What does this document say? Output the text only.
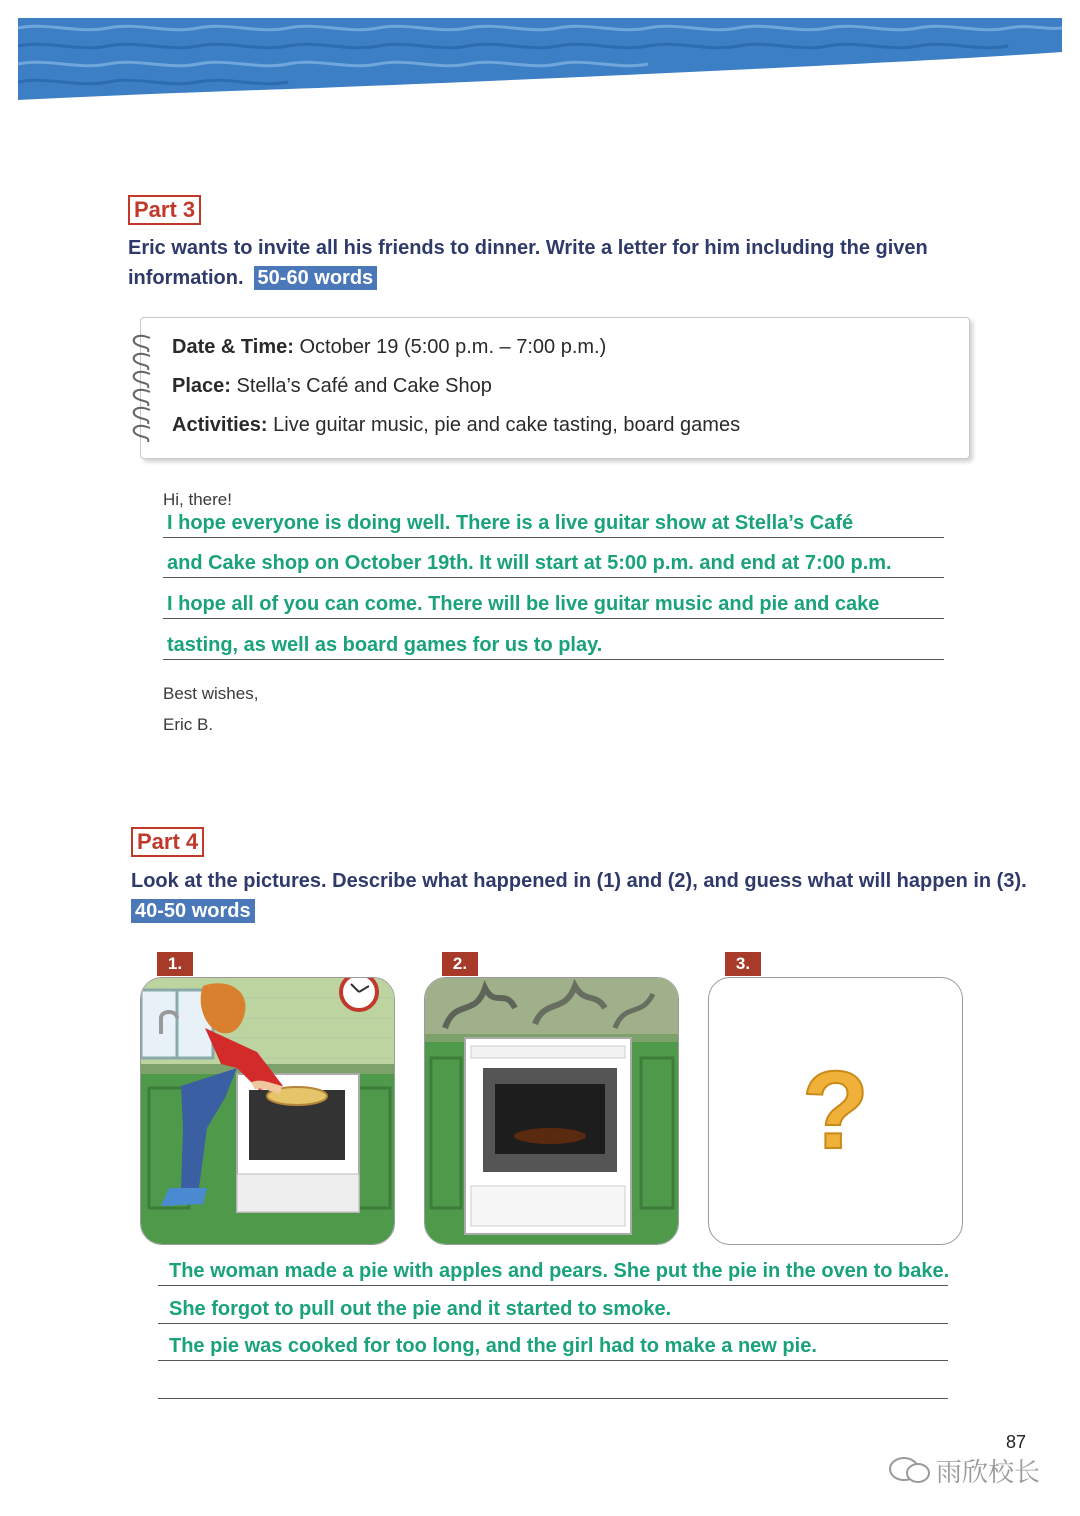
Part 3
Eric wants to invite all his friends to dinner. Write a letter for him including the given
information. 50-60 words
Date & Time: October 19 (5:00 p.m. – 7:00 p.m.)
Place: Stella’s Café and Cake Shop
Activities: Live guitar music, pie and cake tasting, board games
Hi, there!
I hope everyone is doing well. There is a live guitar show at Stella’s Café
and Cake shop on October 19th. It will start at 5:00 p.m. and end at 7:00 p.m.
I hope all of you can come. There will be live guitar music and pie and cake
tasting, as well as board games for us to play.
Best wishes,
Eric B.
Part 4
Look at the pictures. Describe what happened in (1) and (2), and guess what will happen in (3).
40-50 words
1.	2.	3.
?
The woman made a pie with apples and pears. She put the pie in the oven to bake.
She forgot to pull out the pie and it started to smoke.
The pie was cooked for too long, and the girl had to make a new pie.
87
雨欣校长
